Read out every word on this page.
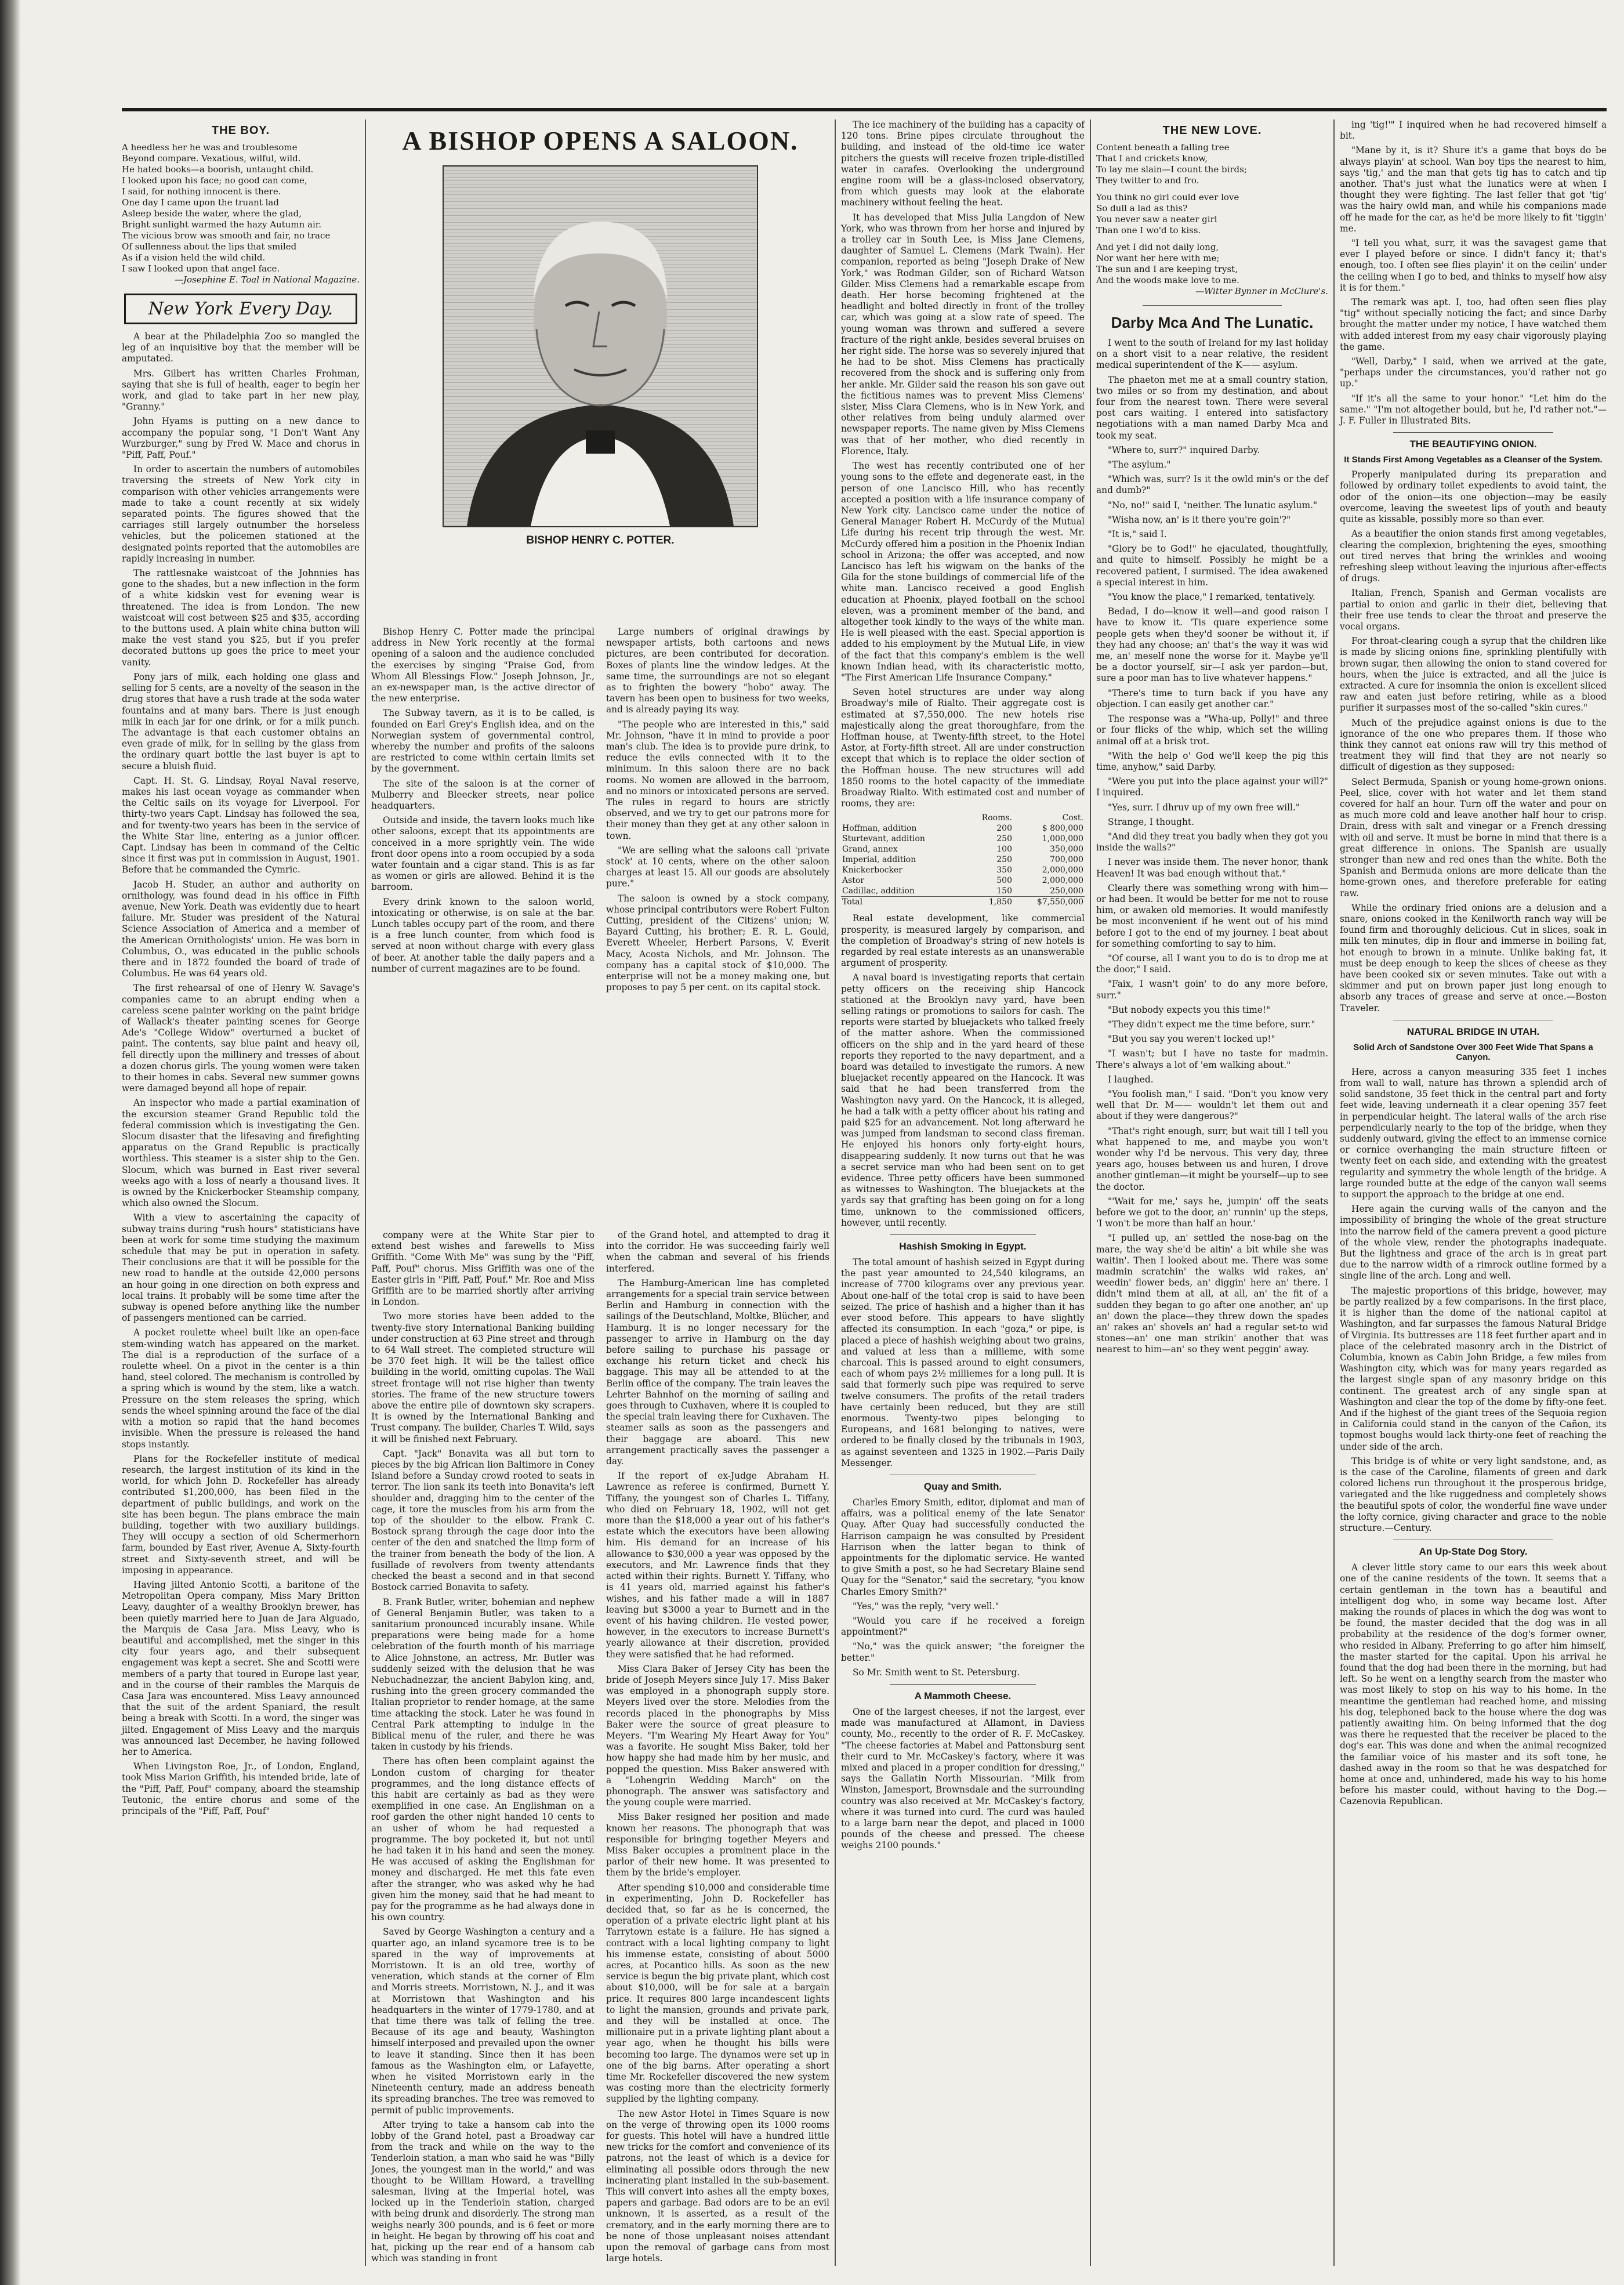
THE BOY.

A heedless her he was and troublesome

Beyond compare. Vexatious, wilful, wild.

He hated books—a boorish, untaught child.

I looked upon his face; no good can come,

I said, for nothing innocent is there.

One day I came upon the truant lad

Asleep beside the water, where the glad,

Bright sunlight warmed the hazy Autumn air.

The vicious brow was smooth and fair, no trace

Of sullenness about the lips that smiled

As if a vision held the wild child.

I saw I looked upon that angel face.

—Josephine E. Toal in National Magazine.

New York Every Day.

A bear at the Philadelphia Zoo so mangled the leg of an inquisitive boy that the member will be amputated.

Mrs. Gilbert has written Charles Frohman, saying that she is full of health, eager to begin her work, and glad to take part in her new play, "Granny."

John Hyams is putting on a new dance to accompany the popular song, "I Don't Want Any Wurzburger," sung by Fred W. Mace and chorus in "Piff, Paff, Pouf."

In order to ascertain the numbers of automobiles traversing the streets of New York city in comparison with other vehicles arrangements were made to take a count recently at six widely separated points. The figures showed that the carriages still largely outnumber the horseless vehicles, but the policemen stationed at the designated points reported that the automobiles are rapidly increasing in number.

The rattlesnake waistcoat of the Johnnies has gone to the shades, but a new inflection in the form of a white kidskin vest for evening wear is threatened. The idea is from London. The new waistcoat will cost between $25 and $35, according to the buttons used. A plain white china button will make the vest stand you $25, but if you prefer decorated buttons up goes the price to meet your vanity.

Pony jars of milk, each holding one glass and selling for 5 cents, are a novelty of the season in the drug stores that have a rush trade at the soda water fountains and at many bars. There is just enough milk in each jar for one drink, or for a milk punch. The advantage is that each customer obtains an even grade of milk, for in selling by the glass from the ordinary quart bottle the last buyer is apt to secure a bluish fluid.

Capt. H. St. G. Lindsay, Royal Naval reserve, makes his last ocean voyage as commander when the Celtic sails on its voyage for Liverpool. For thirty-two years Capt. Lindsay has followed the sea, and for twenty-two years has been in the service of the White Star line, entering as a junior officer. Capt. Lindsay has been in command of the Celtic since it first was put in commission in August, 1901. Before that he commanded the Cymric.

Jacob H. Studer, an author and authority on ornithology, was found dead in his office in Fifth avenue, New York. Death was evidently due to heart failure. Mr. Studer was president of the Natural Science Association of America and a member of the American Ornithologists' union. He was born in Columbus, O., was educated in the public schools there and in 1872 founded the board of trade of Columbus. He was 64 years old.

The first rehearsal of one of Henry W. Savage's companies came to an abrupt ending when a careless scene painter working on the paint bridge of Wallack's theater painting scenes for George Ade's "College Widow" overturned a bucket of paint. The contents, say blue paint and heavy oil, fell directly upon the millinery and tresses of about a dozen chorus girls. The young women were taken to their homes in cabs. Several new summer gowns were damaged beyond all hope of repair.

An inspector who made a partial examination of the excursion steamer Grand Republic told the federal commission which is investigating the Gen. Slocum disaster that the lifesaving and firefighting apparatus on the Grand Republic is practically worthless. This steamer is a sister ship to the Gen. Slocum, which was burned in East river several weeks ago with a loss of nearly a thousand lives. It is owned by the Knickerbocker Steamship company, which also owned the Slocum.

With a view to ascertaining the capacity of subway trains during "rush hours" statisticians have been at work for some time studying the maximum schedule that may be put in operation in safety. Their conclusions are that it will be possible for the new road to handle at the outside 42,000 persons an hour going in one direction on both express and local trains. It probably will be some time after the subway is opened before anything like the number of passengers mentioned can be carried.

A pocket roulette wheel built like an open-face stem-winding watch has appeared on the market. The dial is a reproduction of the surface of a roulette wheel. On a pivot in the center is a thin hand, steel colored. The mechanism is controlled by a spring which is wound by the stem, like a watch. Pressure on the stem releases the spring, which sends the wheel spinning around the face of the dial with a motion so rapid that the hand becomes invisible. When the pressure is released the hand stops instantly.

Plans for the Rockefeller institute of medical research, the largest institution of its kind in the world, for which John D. Rockefeller has already contributed $1,200,000, has been filed in the department of public buildings, and work on the site has been begun. The plans embrace the main building, together with two auxiliary buildings. They will occupy a section of old Schermerhorn farm, bounded by East river, Avenue A, Sixty-fourth street and Sixty-seventh street, and will be imposing in appearance.

Having jilted Antonio Scotti, a baritone of the Metropolitan Opera company, Miss Mary Britton Leavy, daughter of a wealthy Brooklyn brewer, has been quietly married here to Juan de Jara Alguado, the Marquis de Casa Jara. Miss Leavy, who is beautiful and accomplished, met the singer in this city four years ago, and their subsequent engagement was kept a secret. She and Scotti were members of a party that toured in Europe last year, and in the course of their rambles the Marquis de Casa Jara was encountered. Miss Leavy announced that the suit of the ardent Spaniard, the result being a break with Scotti. In a word, the singer was jilted. Engagement of Miss Leavy and the marquis was announced last December, he having followed her to America.

When Livingston Roe, Jr., of London, England, took Miss Marion Griffith, his intended bride, late of the "Piff, Paff, Pouf" company, aboard the steamship Teutonic, the entire chorus and some of the principals of the "Piff, Paff, Pouf"

A BISHOP OPENS A SALOON.
BISHOP HENRY C. POTTER.

Bishop Henry C. Potter made the principal address in New York recently at the formal opening of a saloon and the audience concluded the exercises by singing "Praise God, from Whom All Blessings Flow." Joseph Johnson, Jr., an ex-newspaper man, is the active director of the new enterprise.

The Subway tavern, as it is to be called, is founded on Earl Grey's English idea, and on the Norwegian system of governmental control, whereby the number and profits of the saloons are restricted to come within certain limits set by the government.

The site of the saloon is at the corner of Mulberry and Bleecker streets, near police headquarters.

Outside and inside, the tavern looks much like other saloons, except that its appointments are conceived in a more sprightly vein. The wide front door opens into a room occupied by a soda water fountain and a cigar stand. This is as far as women or girls are allowed. Behind it is the barroom.

Every drink known to the saloon world, intoxicating or otherwise, is on sale at the bar. Lunch tables occupy part of the room, and there is a free lunch counter, from which food is served at noon without charge with every glass of beer. At another table the daily papers and a number of current magazines are to be found.

Large numbers of original drawings by newspaper artists, both cartoons and news pictures, are been contributed for decoration. Boxes of plants line the window ledges. At the same time, the surroundings are not so elegant as to frighten the bowery "hobo" away. The tavern has been open to business for two weeks, and is already paying its way.

"The people who are interested in this," said Mr. Johnson, "have it in mind to provide a poor man's club. The idea is to provide pure drink, to reduce the evils connected with it to the minimum. In this saloon there are no back rooms. No women are allowed in the barroom, and no minors or intoxicated persons are served. The rules in regard to hours are strictly observed, and we try to get our patrons more for their money than they get at any other saloon in town.

"We are selling what the saloons call 'private stock' at 10 cents, where on the other saloon charges at least 15. All our goods are absolutely pure."

The saloon is owned by a stock company, whose principal contributors were Robert Fulton Cutting, president of the Citizens' union; W. Bayard Cutting, his brother; E. R. L. Gould, Everett Wheeler, Herbert Parsons, V. Everit Macy, Acosta Nichols, and Mr. Johnson. The company has a capital stock of $10,000. The enterprise will not be a money making one, but proposes to pay 5 per cent. on its capital stock.

company were at the White Star pier to extend best wishes and farewells to Miss Griffith. "Come With Me" was sung by the "Piff, Paff, Pouf" chorus. Miss Griffith was one of the Easter girls in "Piff, Paff, Pouf." Mr. Roe and Miss Griffith are to be married shortly after arriving in London.

Two more stories have been added to the twenty-five story International Banking building under construction at 63 Pine street and through to 64 Wall street. The completed structure will be 370 feet high. It will be the tallest office building in the world, omitting cupolas. The Wall street frontage will not rise higher than twenty stories. The frame of the new structure towers above the entire pile of downtown sky scrapers. It is owned by the International Banking and Trust company. The builder, Charles T. Wild, says it will be finished next February.

Capt. "Jack" Bonavita was all but torn to pieces by the big African lion Baltimore in Coney Island before a Sunday crowd rooted to seats in terror. The lion sank its teeth into Bonavita's left shoulder and, dragging him to the center of the cage, it tore the muscles from his arm from the top of the shoulder to the elbow. Frank C. Bostock sprang through the cage door into the center of the den and snatched the limp form of the trainer from beneath the body of the lion. A fusillade of revolvers from twenty attendants checked the beast a second and in that second Bostock carried Bonavita to safety.

B. Frank Butler, writer, bohemian and nephew of General Benjamin Butler, was taken to a sanitarium pronounced incurably insane. While preparations were being made for a home celebration of the fourth month of his marriage to Alice Johnstone, an actress, Mr. Butler was suddenly seized with the delusion that he was Nebuchadnezzar, the ancient Babylon king, and, rushing into the green grocery commanded the Italian proprietor to render homage, at the same time attacking the stock. Later he was found in Central Park attempting to indulge in the Biblical menu of the ruler, and there he was taken in custody by his friends.

There has often been complaint against the London custom of charging for theater programmes, and the long distance effects of this habit are certainly as bad as they were exemplified in one case. An Englishman on a roof garden the other night handed 10 cents to an usher of whom he had requested a programme. The boy pocketed it, but not until he had taken it in his hand and seen the money. He was accused of asking the Englishman for money and discharged. He met this fate even after the stranger, who was asked why he had given him the money, said that he had meant to pay for the programme as he had always done in his own country.

Saved by George Washington a century and a quarter ago, an inland sycamore tree is to be spared in the way of improvements at Morristown. It is an old tree, worthy of veneration, which stands at the corner of Elm and Morris streets. Morristown, N. J., and it was at Morristown that Washington and his headquarters in the winter of 1779-1780, and at that time there was talk of felling the tree. Because of its age and beauty, Washington himself interposed and prevailed upon the owner to leave it standing. Since then it has been famous as the Washington elm, or Lafayette, when he visited Morristown early in the Nineteenth century, made an address beneath its spreading branches. The tree was removed to permit of public improvements.

After trying to take a hansom cab into the lobby of the Grand hotel, past a Broadway car from the track and while on the way to the Tenderloin station, a man who said he was "Billy Jones, the youngest man in the world," and was thought to be William Howard, a travelling salesman, living at the Imperial hotel, was locked up in the Tenderloin station, charged with being drunk and disorderly. The strong man weighs nearly 300 pounds, and is 6 feet or more in height. He began by throwing off his coat and hat, picking up the rear end of a hansom cab which was standing in front

of the Grand hotel, and attempted to drag it into the corridor. He was succeeding fairly well when the cabman and several of his friends interfered.

The Hamburg-American line has completed arrangements for a special train service between Berlin and Hamburg in connection with the sailings of the Deutschland, Moltke, Blücher, and Hamburg. It is no longer necessary for the passenger to arrive in Hamburg on the day before sailing to purchase his passage or exchange his return ticket and check his baggage. This may all be attended to at the Berlin office of the company. The train leaves the Lehrter Bahnhof on the morning of sailing and goes through to Cuxhaven, where it is coupled to the special train leaving there for Cuxhaven. The steamer sails as soon as the passengers and their baggage are aboard. This new arrangement practically saves the passenger a day.

If the report of ex-Judge Abraham H. Lawrence as referee is confirmed, Burnett Y. Tiffany, the youngest son of Charles L. Tiffany, who died on February 18, 1902, will not get more than the $18,000 a year out of his father's estate which the executors have been allowing him. His demand for an increase of his allowance to $30,000 a year was opposed by the executors, and Mr. Lawrence finds that they acted within their rights. Burnett Y. Tiffany, who is 41 years old, married against his father's wishes, and his father made a will in 1887 leaving but $3000 a year to Burnett and in the event of his having children. He vested power, however, in the executors to increase Burnett's yearly allowance at their discretion, provided they were satisfied that he had reformed.

Miss Clara Baker of Jersey City has been the bride of Joseph Meyers since July 17. Miss Baker was employed in a phonograph supply store. Meyers lived over the store. Melodies from the records placed in the phonographs by Miss Baker were the source of great pleasure to Meyers. "I'm Wearing My Heart Away for You" was a favorite. He sought Miss Baker, told her how happy she had made him by her music, and popped the question. Miss Baker answered with a "Lohengrin Wedding March" on the phonograph. The answer was satisfactory and the young couple were married.

Miss Baker resigned her position and made known her reasons. The phonograph that was responsible for bringing together Meyers and Miss Baker occupies a prominent place in the parlor of their new home. It was presented to them by the bride's employer.

After spending $10,000 and considerable time in experimenting, John D. Rockefeller has decided that, so far as he is concerned, the operation of a private electric light plant at his Tarrytown estate is a failure. He has signed a contract with a local lighting company to light his immense estate, consisting of about 5000 acres, at Pocantico hills. As soon as the new service is begun the big private plant, which cost about $10,000, will be for sale at a bargain price. It requires 800 large incandescent lights to light the mansion, grounds and private park, and they will be installed at once. The millionaire put in a private lighting plant about a year ago, when he thought his bills were becoming too large. The dynamos were set up in one of the big barns. After operating a short time Mr. Rockefeller discovered the new system was costing more than the electricity formerly supplied by the lighting company.

The new Astor Hotel in Times Square is now on the verge of throwing open its 1000 rooms for guests. This hotel will have a hundred little new tricks for the comfort and convenience of its patrons, not the least of which is a device for eliminating all possible odors through the new incinerating plant installed in the sub-basement. This will convert into ashes all the empty boxes, papers and garbage. Bad odors are to be an evil unknown, it is asserted, as a result of the crematory, and in the early morning there are to be none of those unpleasant noises attendant upon the removal of garbage cans from most large hotels.

The ice machinery of the building has a capacity of 120 tons. Brine pipes circulate throughout the building, and instead of the old-time ice water pitchers the guests will receive frozen triple-distilled water in carafes. Overlooking the underground engine room will be a glass-inclosed observatory, from which guests may look at the elaborate machinery without feeling the heat.

It has developed that Miss Julia Langdon of New York, who was thrown from her horse and injured by a trolley car in South Lee, is Miss Jane Clemens, daughter of Samuel L. Clemens (Mark Twain). Her companion, reported as being "Joseph Drake of New York," was Rodman Gilder, son of Richard Watson Gilder. Miss Clemens had a remarkable escape from death. Her horse becoming frightened at the headlight and bolted directly in front of the trolley car, which was going at a slow rate of speed. The young woman was thrown and suffered a severe fracture of the right ankle, besides several bruises on her right side. The horse was so severely injured that he had to be shot. Miss Clemens has practically recovered from the shock and is suffering only from her ankle. Mr. Gilder said the reason his son gave out the fictitious names was to prevent Miss Clemens' sister, Miss Clara Clemens, who is in New York, and other relatives from being unduly alarmed over newspaper reports. The name given by Miss Clemens was that of her mother, who died recently in Florence, Italy.

The west has recently contributed one of her young sons to the effete and degenerate east, in the person of one Lancisco Hill, who has recently accepted a position with a life insurance company of New York city. Lancisco came under the notice of General Manager Robert H. McCurdy of the Mutual Life during his recent trip through the west. Mr. McCurdy offered him a position in the Phoenix Indian school in Arizona; the offer was accepted, and now Lancisco has left his wigwam on the banks of the Gila for the stone buildings of commercial life of the white man. Lancisco received a good English education at Phoenix, played football on the school eleven, was a prominent member of the band, and altogether took kindly to the ways of the white man. He is well pleased with the east. Special apportion is added to his employment by the Mutual Life, in view of the fact that this company's emblem is the well known Indian head, with its characteristic motto, "The First American Life Insurance Company."

Seven hotel structures are under way along Broadway's mile of Rialto. Their aggregate cost is estimated at $7,550,000. The new hotels rise majestically along the great thoroughfare, from the Hoffman house, at Twenty-fifth street, to the Hotel Astor, at Forty-fifth street. All are under construction except that which is to replace the older section of the Hoffman house. The new structures will add 1850 rooms to the hotel capacity of the immediate Broadway Rialto. With estimated cost and number of rooms, they are:

	Rooms.	Cost.
Hoffman, addition	200	$ 800,000
Sturtevant, addition	250	1,000,000
Grand, annex	100	350,000
Imperial, addition	250	700,000
Knickerbocker	350	2,000,000
Astor	500	2,000,000
Cadillac, addition	150	250,000
Total	1,850	$7,550,000

Real estate development, like commercial prosperity, is measured largely by comparison, and the completion of Broadway's string of new hotels is regarded by real estate interests as an unanswerable argument of prosperity.

A naval board is investigating reports that certain petty officers on the receiving ship Hancock stationed at the Brooklyn navy yard, have been selling ratings or promotions to sailors for cash. The reports were started by bluejackets who talked freely of the matter ashore. When the commissioned officers on the ship and in the yard heard of these reports they reported to the navy department, and a board was detailed to investigate the rumors. A new bluejacket recently appeared on the Hancock. It was said that he had been transferred from the Washington navy yard. On the Hancock, it is alleged, he had a talk with a petty officer about his rating and paid $25 for an advancement. Not long afterward he was jumped from landsman to second class fireman. He enjoyed his honors only forty-eight hours, disappearing suddenly. It now turns out that he was a secret service man who had been sent on to get evidence. Three petty officers have been summoned as witnesses to Washington. The bluejackets at the yards say that grafting has been going on for a long time, unknown to the commissioned officers, however, until recently.

Hashish Smoking in Egypt.

The total amount of hashish seized in Egypt during the past year amounted to 24,540 kilograms, an increase of 7700 kilograms over any previous year. About one-half of the total crop is said to have been seized. The price of hashish and a higher than it has ever stood before. This appears to have slightly affected its consumption. In each "goza," or pipe, is placed a piece of hashish weighing about two grains, and valued at less than a millieme, with some charcoal. This is passed around to eight consumers, each of whom pays 2½ milliemes for a long pull. It is said that formerly such pipe was required to serve twelve consumers. The profits of the retail traders have certainly been reduced, but they are still enormous. Twenty-two pipes belonging to Europeans, and 1681 belonging to natives, were ordered to be finally closed by the tribunals in 1903, as against seventeen and 1325 in 1902.—Paris Daily Messenger.

Quay and Smith.

Charles Emory Smith, editor, diplomat and man of affairs, was a political enemy of the late Senator Quay. After Quay had successfully conducted the Harrison campaign he was consulted by President Harrison when the latter began to think of appointments for the diplomatic service. He wanted to give Smith a post, so he had Secretary Blaine send Quay for the "Senator," said the secretary, "you know Charles Emory Smith?"

"Yes," was the reply, "very well."

"Would you care if he received a foreign appointment?"

"No," was the quick answer; "the foreigner the better."

So Mr. Smith went to St. Petersburg.

A Mammoth Cheese.

One of the largest cheeses, if not the largest, ever made was manufactured at Allamont, in Daviess county, Mo., recently to the order of R. F. McCaskey. "The cheese factories at Mabel and Pattonsburg sent their curd to Mr. McCaskey's factory, where it was mixed and placed in a proper condition for dressing," says the Gallatin North Missourian. "Milk from Winston, Jamesport, Brownsdale and the surrounding country was also received at Mr. McCaskey's factory, where it was turned into curd. The curd was hauled to a large barn near the depot, and placed in 1000 pounds of the cheese and pressed. The cheese weighs 2100 pounds."

THE NEW LOVE.

Content beneath a falling tree

That I and crickets know,

To lay me slain—I count the birds;

They twitter to and fro.

You think no girl could ever love

So dull a lad as this?

You never saw a neater girl

Than one I wo'd to kiss.

And yet I did not daily long,

Nor want her here with me;

The sun and I are keeping tryst,

And the woods make love to me.

—Witter Bynner in McClure's.

Darby Mca And The Lunatic.

I went to the south of Ireland for my last holiday on a short visit to a near relative, the resident medical superintendent of the K—— asylum.

The phaeton met me at a small country station, two miles or so from my destination, and about four from the nearest town. There were several post cars waiting. I entered into satisfactory negotiations with a man named Darby Mca and took my seat.

"Where to, surr?" inquired Darby.

"The asylum."

"Which was, surr? Is it the owld min's or the def and dumb?"

"No, no!" said I, "neither. The lunatic asylum."

"Wisha now, an' is it there you're goin'?"

"It is," said I.

"Glory be to God!" he ejaculated, thoughtfully, and quite to himself. Possibly he might be a recovered patient, I surmised. The idea awakened a special interest in him.

"You know the place," I remarked, tentatively.

Bedad, I do—know it well—and good raison I have to know it. 'Tis quare experience some people gets when they'd sooner be without it, if they had any choose; an' that's the way it was wid me, an' meself none the worse for it. Maybe ye'll be a doctor yourself, sir—I ask yer pardon—but, sure a poor man has to live whatever happens."

"There's time to turn back if you have any objection. I can easily get another car."

The response was a "Wha-up, Polly!" and three or four flicks of the whip, which set the willing animal off at a brisk trot.

"With the help o' God we'll keep the pig this time, anyhow," said Darby.

"Were you put into the place against your will?" I inquired.

"Yes, surr. I dhruv up of my own free will."

Strange, I thought.

"And did they treat you badly when they got you inside the walls?"

I never was inside them. The never honor, thank Heaven! It was bad enough without that."

Clearly there was something wrong with him—or had been. It would be better for me not to rouse him, or awaken old memories. It would manifestly be most inconvenient if he went out of his mind before I got to the end of my journey. I beat about for something comforting to say to him.

"Of course, all I want you to do is to drop me at the door," I said.

"Faix, I wasn't goin' to do any more before, surr."

"But nobody expects you this time!"

"They didn't expect me the time before, surr."

"But you say you weren't locked up!"

"I wasn't; but I have no taste for madmin. There's always a lot of 'em walking about."

I laughed.

"You foolish man," I said. "Don't you know very well that Dr. M—— wouldn't let them out and about if they were dangerous?"

"That's right enough, surr, but wait till I tell you what happened to me, and maybe you won't wonder why I'd be nervous. This very day, three years ago, houses between us and huren, I drove another gintleman—it might be yourself—up to see the doctor.

"'Wait for me,' says he, jumpin' off the seats before we got to the door, an' runnin' up the steps, 'I won't be more than half an hour.'

"I pulled up, an' settled the nose-bag on the mare, the way she'd be aitin' a bit while she was waitin'. Then I looked about me. There was some madmin scratchin' the walks wid rakes, an' weedin' flower beds, an' diggin' here an' there. I didn't mind them at all, at all, an' the fit of a sudden they began to go after one another, an' up an' down the place—they threw down the spades an' rakes an' shovels an' had a regular set-to wid stones—an' one man strikin' another that was nearest to him—an' so they went peggin' away.

ing 'tig!'" I inquired when he had recovered himself a bit.

"Mane by it, is it? Shure it's a game that boys do be always playin' at school. Wan boy tips the nearest to him, says 'tig,' and the man that gets tig has to catch and tip another. That's just what the lunatics were at when I thought they were fighting. The last feller that got 'tig' was the hairy owld man, and while his companions made off he made for the car, as he'd be more likely to fit 'tiggin' me.

"I tell you what, surr, it was the savagest game that ever I played before or since. I didn't fancy it; that's enough, too. I often see flies playin' it on the ceilin' under the ceiling when I go to bed, and thinks to myself how aisy it is for them."

The remark was apt. I, too, had often seen flies play "tig" without specially noticing the fact; and since Darby brought the matter under my notice, I have watched them with added interest from my easy chair vigorously playing the game.

"Well, Darby," I said, when we arrived at the gate, "perhaps under the circumstances, you'd rather not go up."

"If it's all the same to your honor." "Let him do the same." "I'm not altogether bould, but he, I'd rather not."—J. F. Fuller in Illustrated Bits.

THE BEAUTIFYING ONION.
It Stands First Among Vegetables as a Cleanser of the System.

Properly manipulated during its preparation and followed by ordinary toilet expedients to avoid taint, the odor of the onion—its one objection—may be easily overcome, leaving the sweetest lips of youth and beauty quite as kissable, possibly more so than ever.

As a beautifier the onion stands first among vegetables, clearing the complexion, brightening the eyes, smoothing out tired nerves that bring the wrinkles and wooing refreshing sleep without leaving the injurious after-effects of drugs.

Italian, French, Spanish and German vocalists are partial to onion and garlic in their diet, believing that their free use tends to clear the throat and preserve the vocal organs.

For throat-clearing cough a syrup that the children like is made by slicing onions fine, sprinkling plentifully with brown sugar, then allowing the onion to stand covered for hours, when the juice is extracted, and all the juice is extracted. A cure for insomnia the onion is excellent sliced raw and eaten just before retiring, while as a blood purifier it surpasses most of the so-called "skin cures."

Much of the prejudice against onions is due to the ignorance of the one who prepares them. If those who think they cannot eat onions raw will try this method of treatment they will find that they are not nearly so difficult of digestion as they supposed:

Select Bermuda, Spanish or young home-grown onions. Peel, slice, cover with hot water and let them stand covered for half an hour. Turn off the water and pour on as much more cold and leave another half hour to crisp. Drain, dress with salt and vinegar or a French dressing with oil and serve. It must be borne in mind that there is a great difference in onions. The Spanish are usually stronger than new and red ones than the white. Both the Spanish and Bermuda onions are more delicate than the home-grown ones, and therefore preferable for eating raw.

While the ordinary fried onions are a delusion and a snare, onions cooked in the Kenilworth ranch way will be found firm and thoroughly delicious. Cut in slices, soak in milk ten minutes, dip in flour and immerse in boiling fat, hot enough to brown in a minute. Unlike baking fat, it must be deep enough to keep the slices of cheese as they have been cooked six or seven minutes. Take out with a skimmer and put on brown paper just long enough to absorb any traces of grease and serve at once.—Boston Traveler.

NATURAL BRIDGE IN UTAH.
Solid Arch of Sandstone Over 300 Feet Wide That Spans a Canyon.

Here, across a canyon measuring 335 feet 1 inches from wall to wall, nature has thrown a splendid arch of solid sandstone, 35 feet thick in the central part and forty feet wide, leaving underneath it a clear opening 357 feet in perpendicular height. The lateral walls of the arch rise perpendicularly nearly to the top of the bridge, when they suddenly outward, giving the effect to an immense cornice or cornice overhanging the main structure fifteen or twenty feet on each side, and extending with the greatest regularity and symmetry the whole length of the bridge. A large rounded butte at the edge of the canyon wall seems to support the approach to the bridge at one end.

Here again the curving walls of the canyon and the impossibility of bringing the whole of the great structure into the narrow field of the camera prevent a good picture of the whole view, render the photographs inadequate. But the lightness and grace of the arch is in great part due to the narrow width of a rimrock outline formed by a single line of the arch. Long and well.

The majestic proportions of this bridge, however, may be partly realized by a few comparisons. In the first place, it is higher than the dome of the national capitol at Washington, and far surpasses the famous Natural Bridge of Virginia. Its buttresses are 118 feet further apart and in place of the celebrated masonry arch in the District of Columbia, known as Cabin John Bridge, a few miles from Washington city, which was for many years regarded as the largest single span of any masonry bridge on this continent. The greatest arch of any single span at Washington and clear the top of the dome by fifty-one feet. And if the highest of the giant trees of the Sequoia region in California could stand in the canyon of the Cañon, its topmost boughs would lack thirty-one feet of reaching the under side of the arch.

This bridge is of white or very light sandstone, and, as is the case of the Caroline, filaments of green and dark colored lichens run throughout it the prosperous bridge, variegated and the like ruggedness and completely shows the beautiful spots of color, the wonderful fine wave under the lofty cornice, giving character and grace to the noble structure.—Century.

An Up-State Dog Story.

A clever little story came to our ears this week about one of the canine residents of the town. It seems that a certain gentleman in the town has a beautiful and intelligent dog who, in some way became lost. After making the rounds of places in which the dog was wont to be found, the master decided that the dog was in all probability at the residence of the dog's former owner, who resided in Albany. Preferring to go after him himself, the master started for the capital. Upon his arrival he found that the dog had been there in the morning, but had left. So he went on a lengthy search from the master who was most likely to stop on his way to his home. In the meantime the gentleman had reached home, and missing his dog, telephoned back to the house where the dog was patiently awaiting him. On being informed that the dog was there he requested that the receiver be placed to the dog's ear. This was done and when the animal recognized the familiar voice of his master and its soft tone, he dashed away in the room so that he was despatched for home at once and, unhindered, made his way to his home before his master could, without having to the Dog.—Cazenovia Republican.
